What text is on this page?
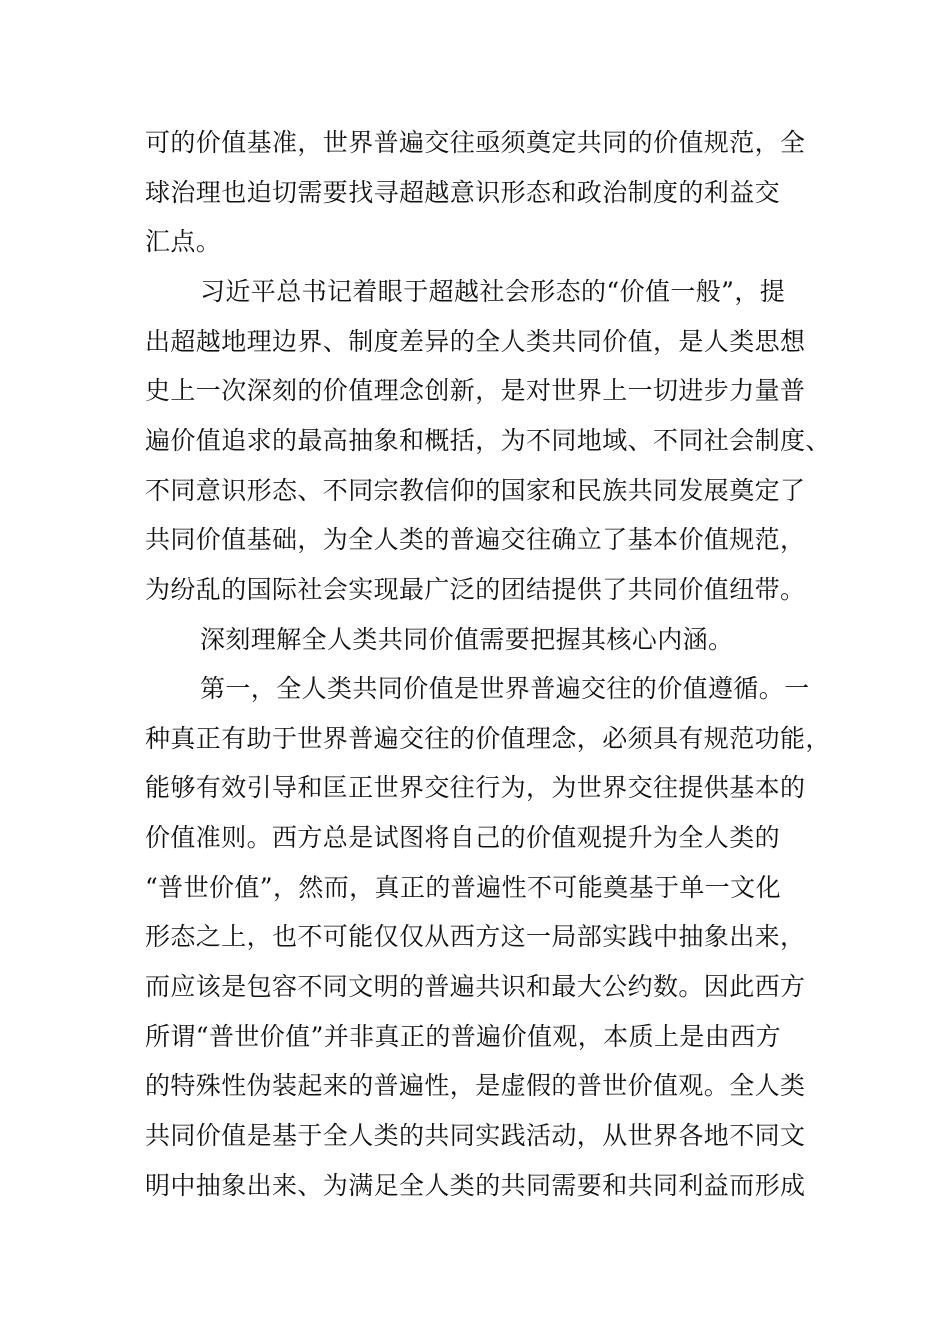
可的价值基准，世界普遍交往亟须奠定共同的价值规范，全
球治理也迫切需要找寻超越意识形态和政治制度的利益交
汇点。
习近平总书记着眼于超越社会形态的“价值一般”，提
出超越地理边界、制度差异的全人类共同价值，是人类思想
史上一次深刻的价值理念创新，是对世界上一切进步力量普
遍价值追求的最高抽象和概括，为不同地域、不同社会制度、
不同意识形态、不同宗教信仰的国家和民族共同发展奠定了
共同价值基础，为全人类的普遍交往确立了基本价值规范，
为纷乱的国际社会实现最广泛的团结提供了共同价值纽带。
深刻理解全人类共同价值需要把握其核心内涵。
第一，全人类共同价值是世界普遍交往的价值遵循。一
种真正有助于世界普遍交往的价值理念，必须具有规范功能，
能够有效引导和匡正世界交往行为，为世界交往提供基本的
价值准则。西方总是试图将自己的价值观提升为全人类的
“普世价值”，然而，真正的普遍性不可能奠基于单一文化
形态之上，也不可能仅仅从西方这一局部实践中抽象出来，
而应该是包容不同文明的普遍共识和最大公约数。因此西方
所谓“普世价值”并非真正的普遍价值观，本质上是由西方
的特殊性伪装起来的普遍性，是虚假的普世价值观。全人类
共同价值是基于全人类的共同实践活动，从世界各地不同文
明中抽象出来、为满足全人类的共同需要和共同利益而形成
